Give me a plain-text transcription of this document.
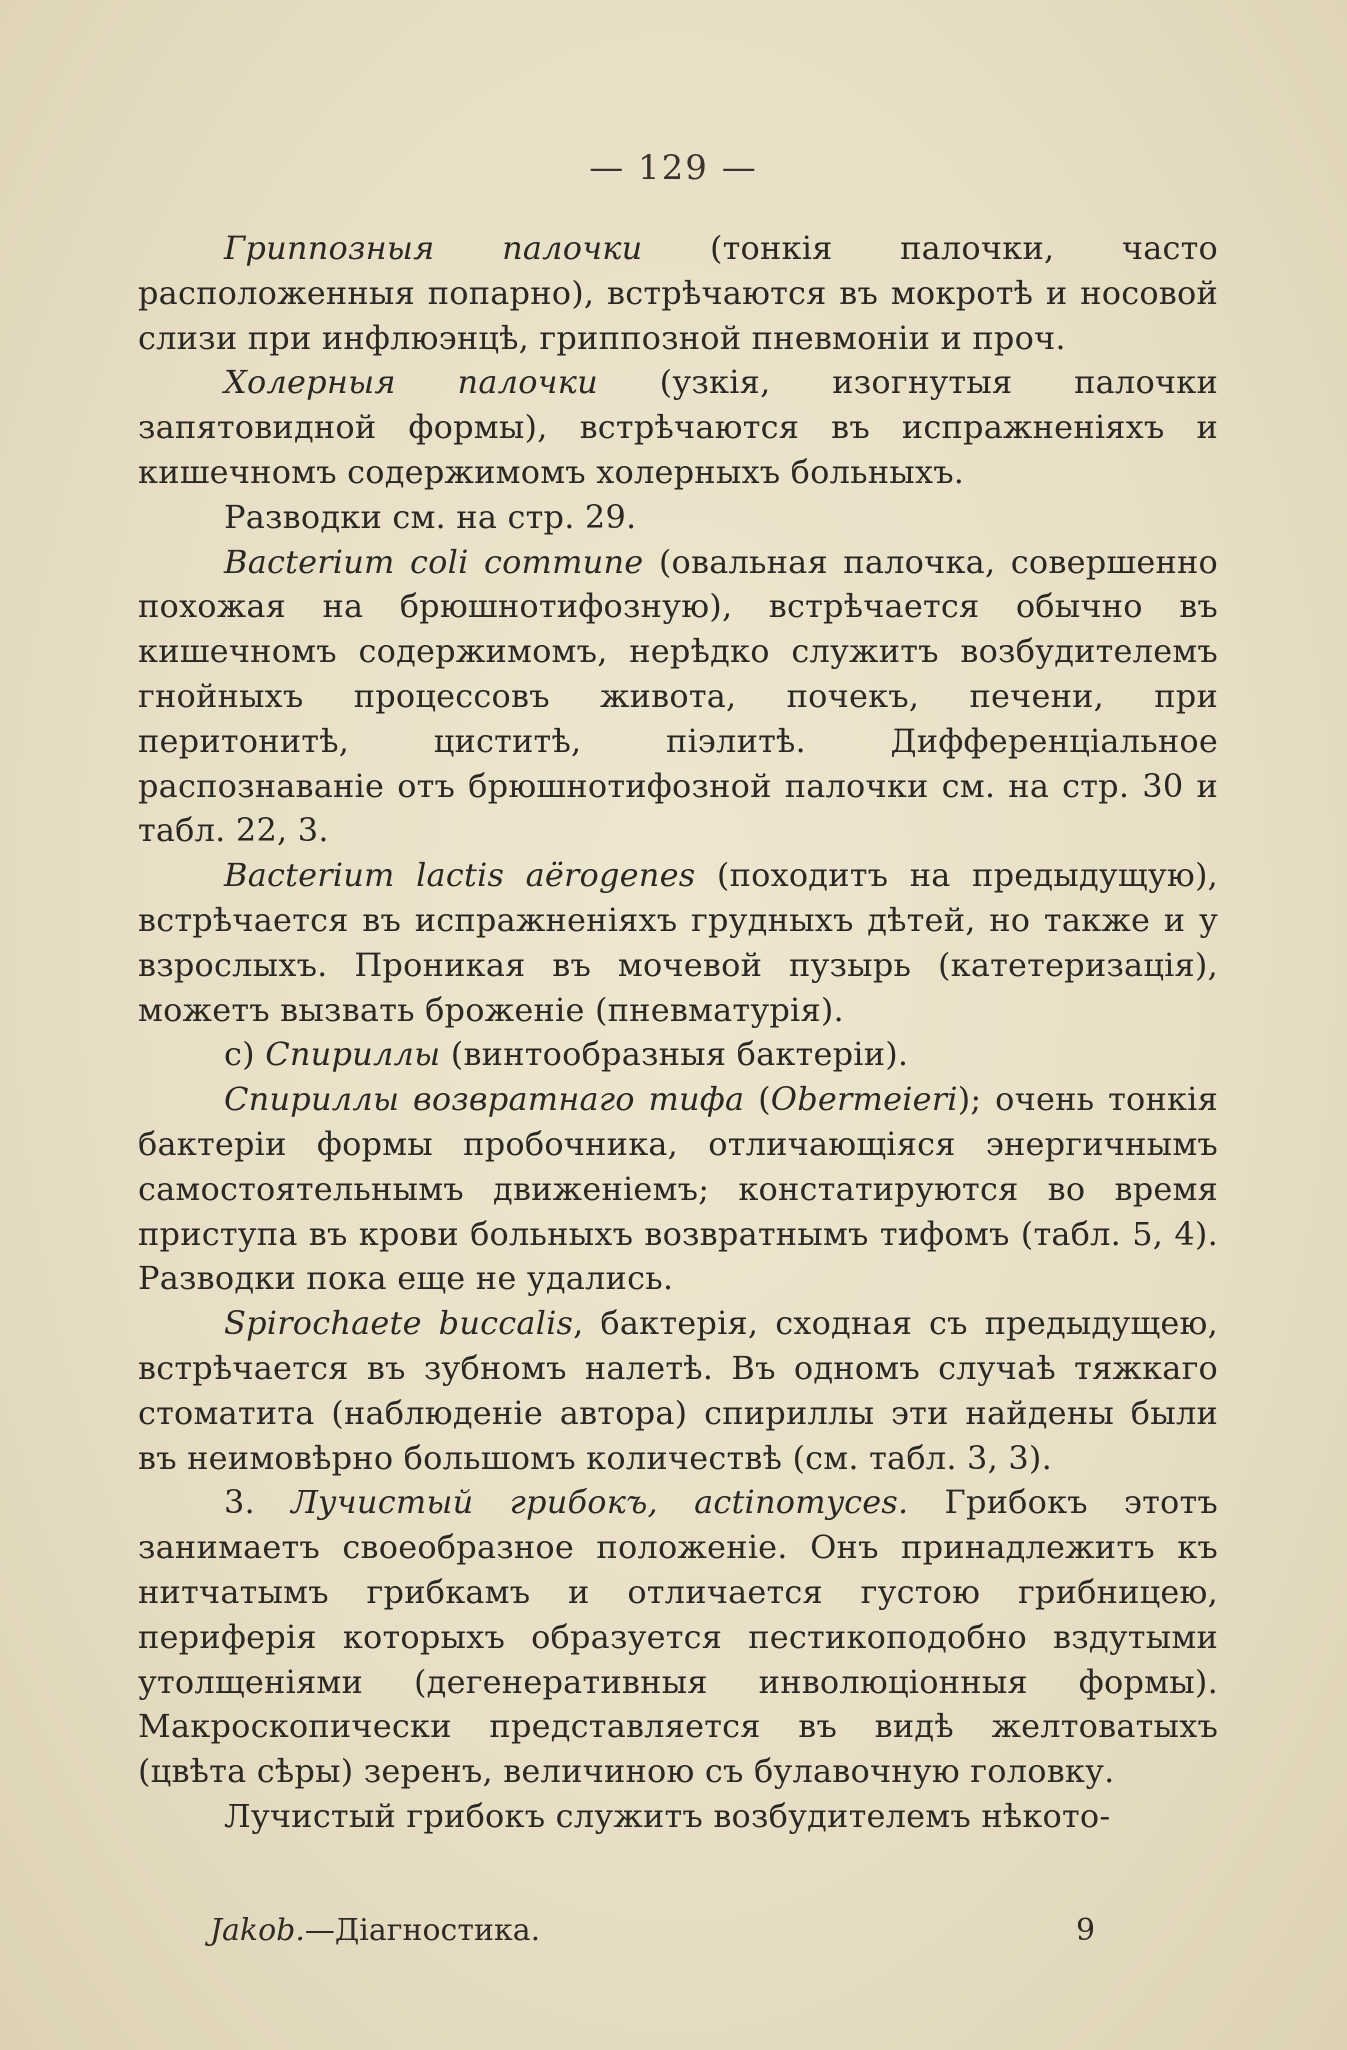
— 129 —

Гриппозныя палочки (тонкія палочки, часто расположенныя попарно), встрѣчаются въ мокротѣ и носовой слизи при инфлюэнцѣ, гриппозной пневмоніи и проч.

Холерныя палочки (узкія, изогнутыя палочки запятовидной формы), встрѣчаются въ испражненіяхъ и кишечномъ содержимомъ холерныхъ больныхъ.

Разводки см. на стр. 29.

Bacterium coli commune (овальная палочка, совершенно похожая на брюшнотифозную), встрѣчается обычно въ кишечномъ содержимомъ, нерѣдко служитъ возбудителемъ гнойныхъ процессовъ живота, почекъ, печени, при перитонитѣ, циститѣ, піэлитѣ. Дифференціальное распознаваніе отъ брюшнотифозной палочки см. на стр. 30 и табл. 22, 3.

Bacterium lactis aёrogenes (походитъ на предыдущую), встрѣчается въ испражненіяхъ грудныхъ дѣтей, но также и у взрослыхъ. Проникая въ мочевой пузырь (катетеризація), можетъ вызвать броженіе (пневматурія).

c) Спириллы (винтообразныя бактеріи).

Спириллы возвратнаго тифа (Obermeieri); очень тонкія бактеріи формы пробочника, отличающіяся энергичнымъ самостоятельнымъ движеніемъ; констатируются во время приступа въ крови больныхъ возвратнымъ тифомъ (табл. 5, 4). Разводки пока еще не удались.

Spirochaete buccalis, бактерія, сходная съ предыдущею, встрѣчается въ зубномъ налетѣ. Въ одномъ случаѣ тяжкаго стоматита (наблюденіе автора) спириллы эти найдены были въ неимовѣрно большомъ количествѣ (см. табл. 3, 3).

3. Лучистый грибокъ, actinomyces. Грибокъ этотъ занимаетъ своеобразное положеніе. Онъ принадлежитъ къ нитчатымъ грибкамъ и отличается густою грибницею, периферія которыхъ образуется пестикоподобно вздутыми утолщеніями (дегенеративныя инволюціонныя формы). Макроскопически представляется въ видѣ желтоватыхъ (цвѣта сѣры) зеренъ, величиною съ булавочную головку.

Лучистый грибокъ служитъ возбудителемъ нѣкото-

Jakob.—Діагностика.	9
